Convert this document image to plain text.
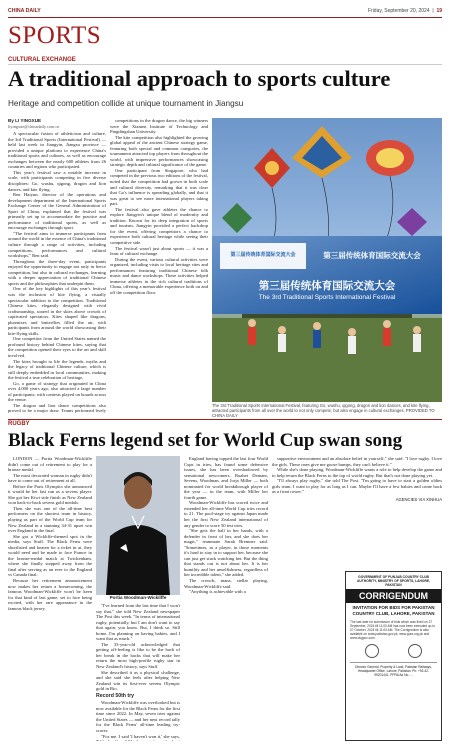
CHINA DAILY	Friday, September 20, 2024  |  19
SPORTS
CULTURAL EXCHANGE
A traditional approach to sports culture
Heritage and competition collide at unique tournament in Jiangsu
By LI YINGXUE
liyingxue@chinadaily.com.cn

A spectacular fusion of athleticism and culture, the 3rd Traditional Sports (International Festival) — held last week in Jiangyin, Jiangsu province — provided a unique platform to experience China's traditional sports and cultures, as well as encourage exchanges between the nearly 600 athletes from 26 countries and regions who participated.

This year's festival saw a notable increase in scale, with participants competing in five diverse disciplines: Go, wushu, qigong, dragon and lion dances, and kite flying.

Ren Haiyun, director of the operations and development department of the International Sports Exchange Center of the General Administration of Sport of China, explained that the festival was primarily set up to accommodate the practice and performance of traditional sports, as well as encourage exchanges through sport.

"The festival aims to immerse participants from around the world in the essence of China's traditional culture through a range of activities, including competitions, performances and cultural workshops," Ren said.

Throughout the three-day event, participants enjoyed the opportunity to engage not only in fierce competition, but also in cultural exchanges, learning with a deeper appreciation of traditional Chinese sports and the philosophies that underpin them.

One of the key highlights of this year's festival was the inclusion of kite flying, a visually spectacular addition to the competition. Traditional Chinese kites, elegantly designed with vivid craftsmanship, soared in the skies above crowds of captivated spectators. Kites shaped like dragons, phoenixes and butterflies filled the air, with participants from around the world showcasing their kite-flying skills.

One competitor from the United States named the profound history behind Chinese kites, saying that the competition opened their eyes to the art and skill involved.

The kites brought to life the legends, myths and the legacy of traditional Chinese culture, which is still deeply embedded in local communities, making the festival a true celebration of heritage.

Go, a game of strategy that originated in China over 4,000 years ago, also attracted a large number of participants, with contests played on boards across the venue.

The dragon and lion dance competitions also proved to be a major draw. Teams performed lively

competitions in the dragon dance, the big winners were the Xiamen Institute of Technology and Pingdingshan University.

The kite competition also highlighted the growing global appeal of the ancient Chinese strategy game, featuring both special and common categories, the tournament attracted top players from throughout the world, with impressive performances showcasing strategic depth and cultural significance of the game.

One participant from Singapore, who had competed in the previous two editions of the festival, noted that the competition had grown in both scale and cultural diversity, remarking that it was clear that Go's influence is spreading globally, and that it was great to see more international players taking part.

The festival also gave athletes the chance to explore Jiangyin's unique blend of modernity and tradition. Known for its deep integration of sports and tourism, Jiangyin provided a perfect backdrop for the event, offering competitors a chance to experience both cultural heritage while seeing their competitive side.

The festival wasn't just about sports — it was a feast of cultural exchange.

During the event, various cultural activities were organized, including visits to local heritage sites and performances featuring traditional Chinese folk music and dance workshops. These activities helped immerse athletes in the rich cultural traditions of China, offering a memorable experience both on and off the competition floor.

第三届传统体育国际交流大会
第三届传统体育国际交流大会
The 3rd Traditional Sports International Festival
第三届传统体育国际交流大会
The 3rd Traditional Sports International Festival, featuring Go, wushu, qigong, dragon and lion dances, and kite flying, attracted participants from all over the world to not only compete, but also engage in cultural exchanges. PROVIDED TO CHINA DAILY
RUGBY
Black Ferns legend set for World Cup swan song

LONDON — Portia Woodman-Wickliffe didn't come out of retirement to play for a bronze medal.

The most decorated woman in rugby didn't have to come out of retirement at all.

Before the Paris Olympics she announced it would be her last run as a sevens player. She got her Kiwi side finish as New Zealand won back-to-back sevens gold medals.

Then she was one of the all-time best performers on the shortest team in history, playing as part of the World Cup team for New Zealand in a stunning 34-31 upset win over England in the final.

She got a Wickliffe-themed spot in the media, says Stuff. The Black Ferns were shortlisted and beaten for a ticket in at, they would need and be made to face France in the bronze-medal match at Twickenham, where she finally stepped away from the final after serving as an ever to the England vs Canada final.

Because her retirement announcement now makes her return a homecoming, the famous Woodman-Wickliffe won't be keen for that kind of last game, set to face being excited, with her rare appearance in the famous black jersey.

Portia Woodman-Wickliffe

"I've learned from the last time that I won't say that," she told New Zealand newspaper The Post this week. "In terms of international rugby, potentially, but I am don't want to say that again, you know. But, I think so. Still home, I'm planning on having babies, and I want that as much."

The 33-year-old acknowledged that getting off-feeling is like to be the back of her break in the backs that will make her return the most high-profile rugby star in New Zealand's history, says Stuff.

She described it as a physical challenge, and she said she feels after helping New Zealand win its first-ever sevens Olympic gold in Rio.

Record 50th try

Woodman-Wickliffe was overlooked but is now available for the Black Ferns for the first time since 2022. In May, seven tries against the United States — and her next record tally for the Black Ferns' all-time leading try-scorer.

"For me, I said 'I haven't won it,' she says,

England having topped the last four World Cups in tries, has found some defensive issues, she has been overshadowed by sensational newcomers. Ruahei Demant, Sevens, Woodman, and Jorja Miller — both nominated for world breakthrough player of the year — in the team, with Miller her fourth game.

Woodman-Wickliffe has scored twice and extended her all-time World Cup tries record to 21. The pool-stage try against Japan made her the first New Zealand international of any gender to score 50 test tries.

"She gets the ball in her hands, with a defender in front of her, and she does her magic," teammate Sarah Bremner said. "Sometimes, as a player, in those moments it's hard to stay in to support her, because she can just get stuck watching her. But the thing that stands out is not about her. It is her humility and her unselfishness, regardless of her incredible talent," she added.

The crowds, mana, stellar playing, Woodman-Wickliffe said.

"Anything is achievable with a

supportive environment and an absolute belief in yourself," she said. "I love rugby. I love the girls. These ones give me goose bumps, they can't believe it."

While she's done playing, Woodman-Wickliffe wants a role to help develop the game and to help return the Black Ferns to the top of world rugby. But that's not done playing yet.

"I'll always play rugby," she told The Post. "I'm going to have to start a golden oldies girls team. I want to play for as long as I can. Maybe I'll have a few babies and come back as a front rower."

AGENCIES VIA XINHUA
GOVERNMENT OF PUNJAB COUNTRY CLUB AUTHORITY, MINISTRY OF SPORTS, LAHORE, PAKISTAN
CORRIGENDUM
INVITATION FOR BIDS FOR PAKISTAN COUNTRY CLUB, LAHORE, PAKISTAN
The last date for submission of bids which was fixed on 27 September, 2024 till 11:00 AM has now been extended up to 07 October, 2024 till 11:00 AM. The Corrigendum is also available on www.pakistan.gov.pk, www.ppra.org.pk and www.dsgpcc.com.
Director General, Property & Land, Pakistan Railways, Headquarter Office, Lahore, Pakistan. Ph: +92-42-99201441. PPRA Ad No. ...
